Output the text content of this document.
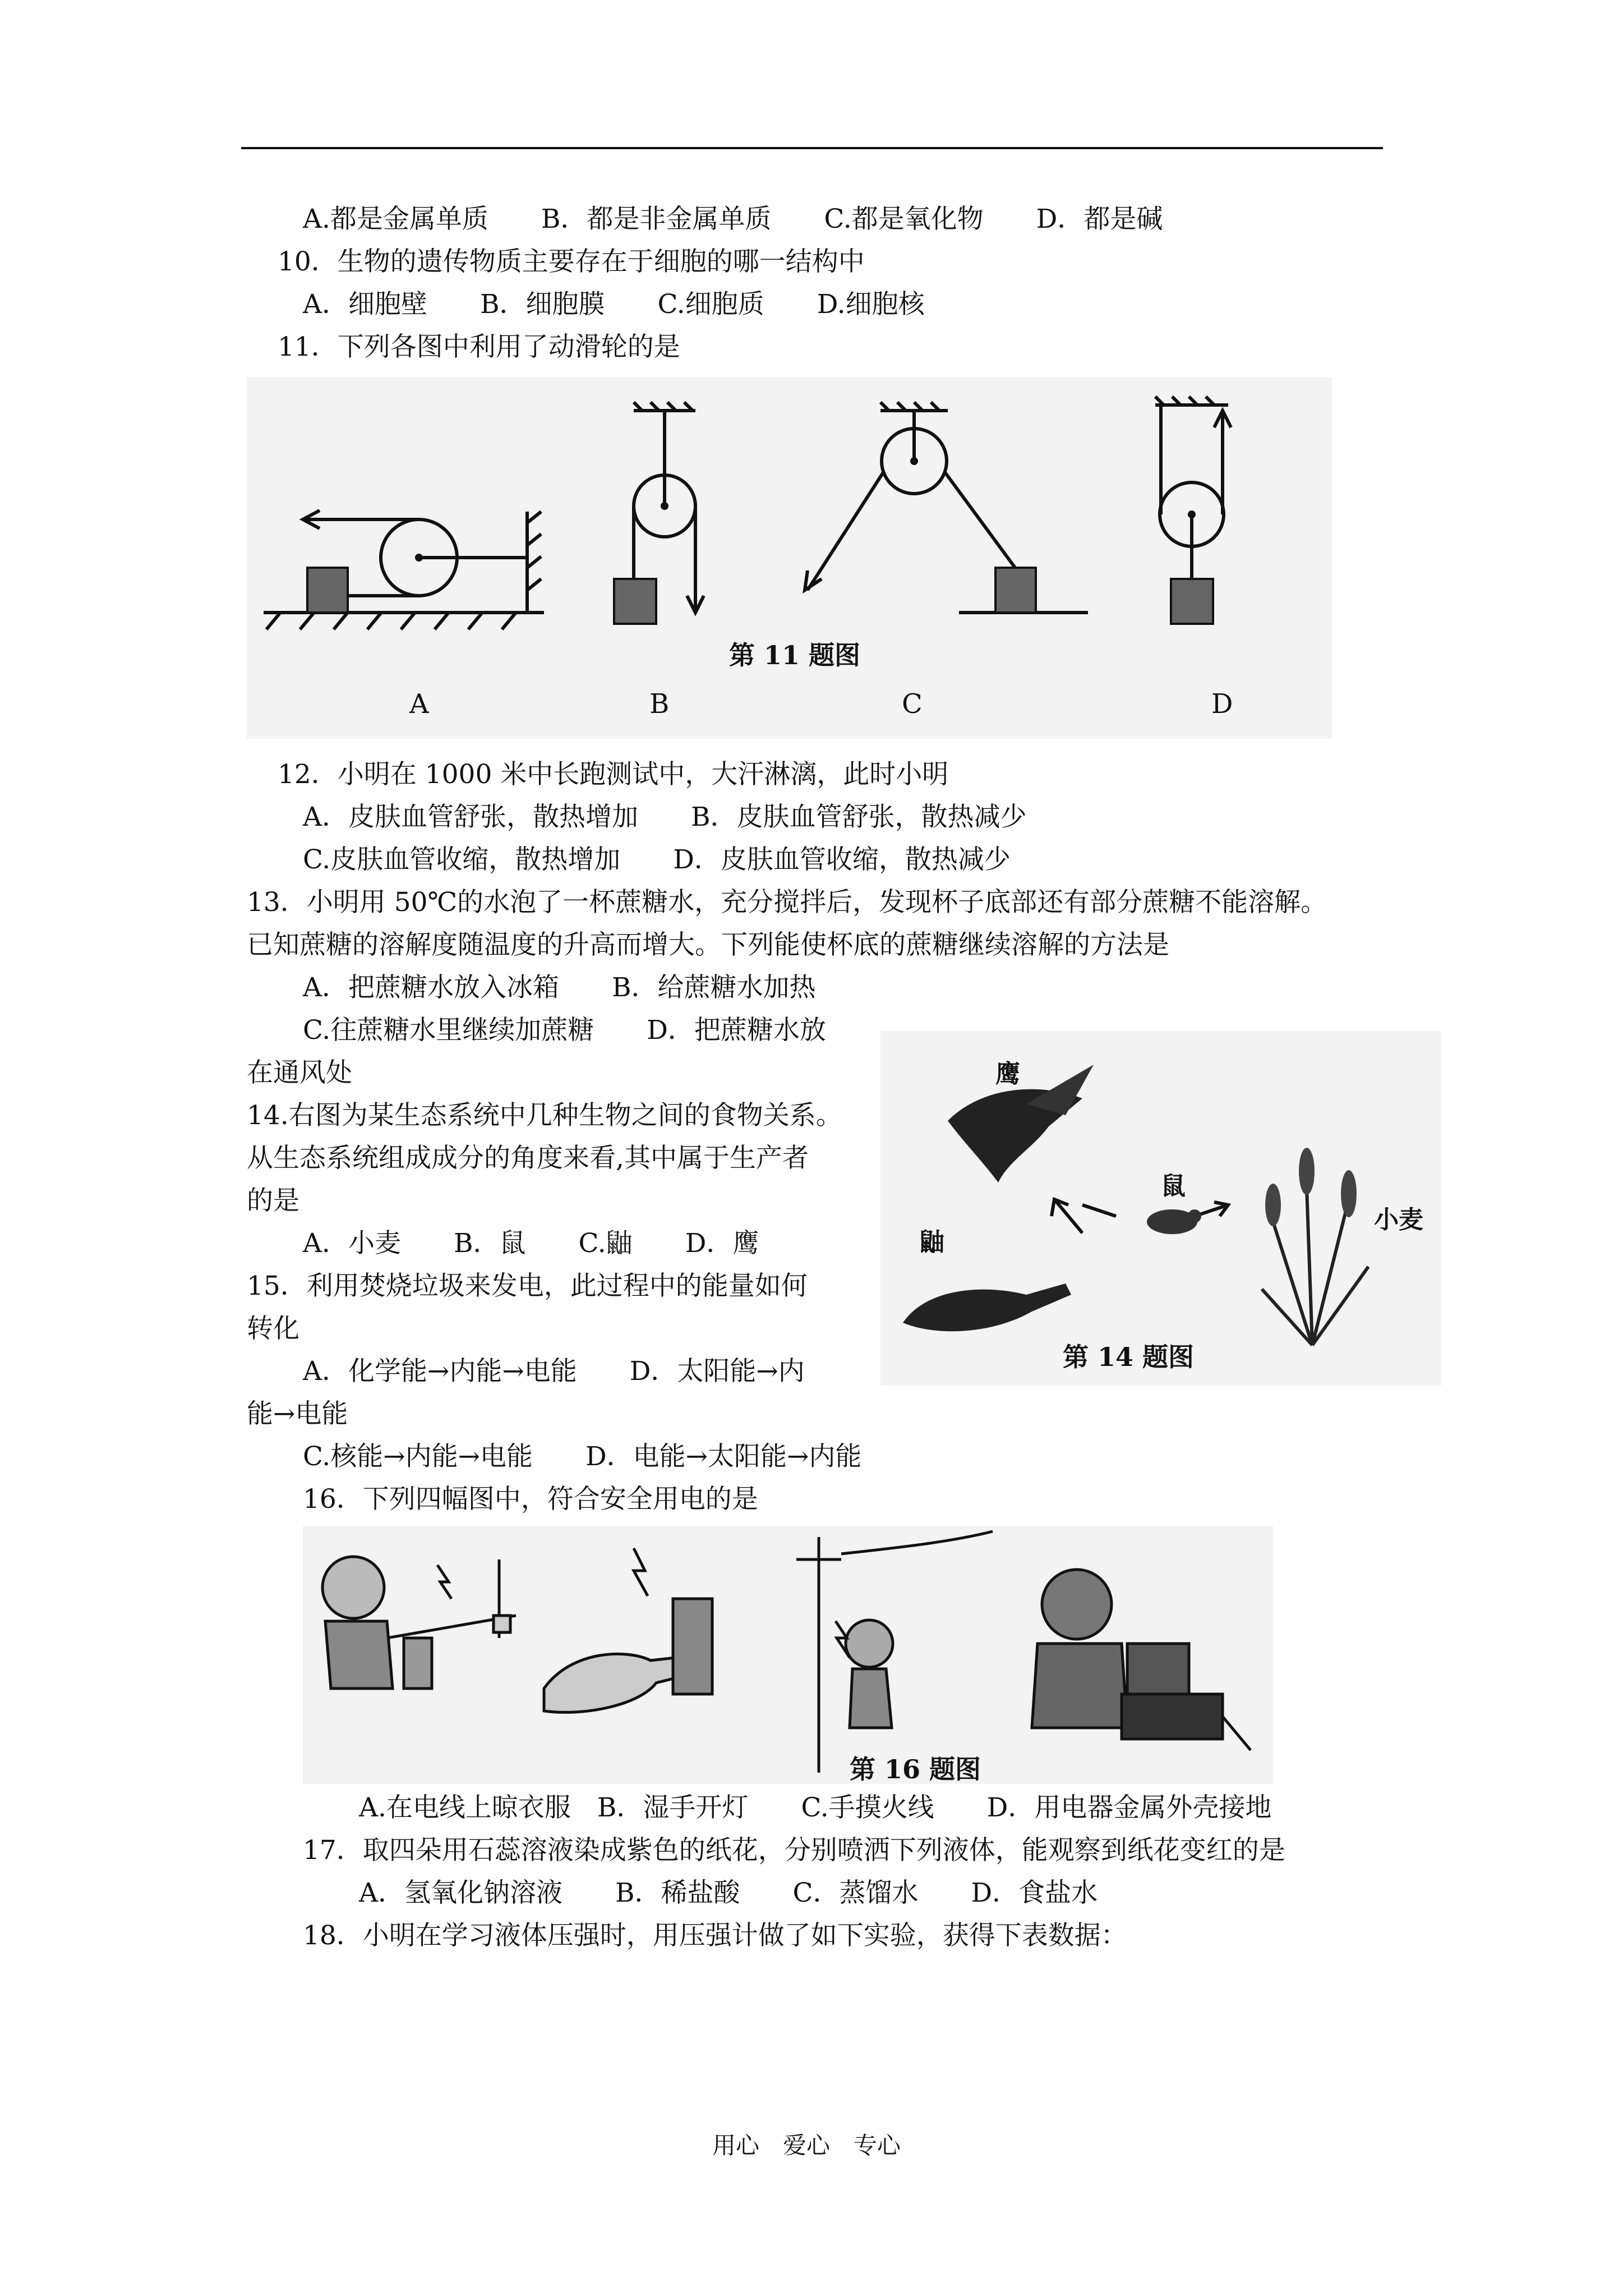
A.都是金属单质　　B．都是非金属单质　　C.都是氧化物　　D．都是碱
10．生物的遗传物质主要存在于细胞的哪一结构中
A．细胞壁　　B．细胞膜　　C.细胞质　　D.细胞核
11．下列各图中利用了动滑轮的是
第 11 题图
A	B	C	D
12．小明在 1000 米中长跑测试中，大汗淋漓，此时小明
A．皮肤血管舒张，散热增加　　B．皮肤血管舒张，散热减少
C.皮肤血管收缩，散热增加　　D．皮肤血管收缩，散热减少
13．小明用 50℃的水泡了一杯蔗糖水，充分搅拌后，发现杯子底部还有部分蔗糖不能溶解。
已知蔗糖的溶解度随温度的升高而增大。下列能使杯底的蔗糖继续溶解的方法是
A．把蔗糖水放入冰箱　　B．给蔗糖水加热
C.往蔗糖水里继续加蔗糖　　D．把蔗糖水放
在通风处
14.右图为某生态系统中几种生物之间的食物关系。
从生态系统组成成分的角度来看,其中属于生产者
的是
A．小麦　　B．鼠　　C.鼬　　D．鹰
15．利用焚烧垃圾来发电，此过程中的能量如何
转化
A．化学能→内能→电能　　D．太阳能→内
能→电能
C.核能→内能→电能　　D．电能→太阳能→内能
16．下列四幅图中，符合安全用电的是
鹰
鼠
鼬
小麦
第 14 题图
第 16 题图
A.在电线上晾衣服　B．湿手开灯　　C.手摸火线　　D．用电器金属外壳接地
17．取四朵用石蕊溶液染成紫色的纸花，分别喷洒下列液体，能观察到纸花变红的是
A．氢氧化钠溶液　　B．稀盐酸　　C．蒸馏水　　D．食盐水
18．小明在学习液体压强时，用压强计做了如下实验，获得下表数据：
用心　爱心　专心
